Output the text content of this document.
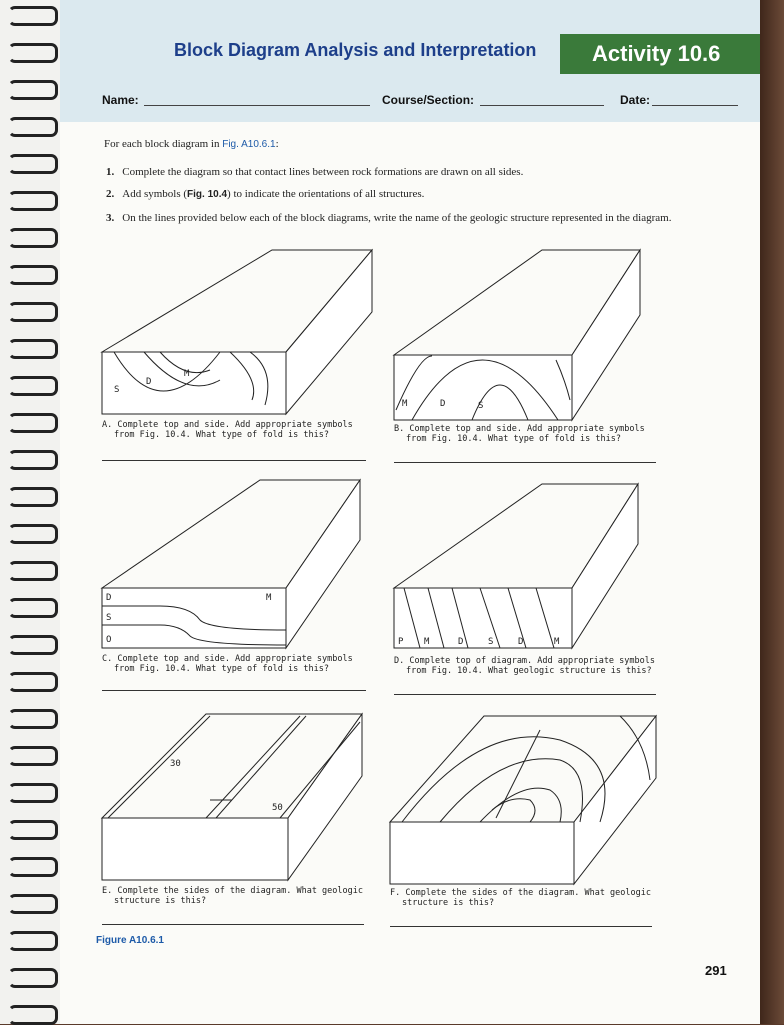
Block Diagram Analysis and Interpretation	Activity 10.6
Name:	Course/Section:	Date:
For each block diagram in Fig. A10.6.1:
1. Complete the diagram so that contact lines between rock formations are drawn on all sides.
2. Add symbols (Fig. 10.4) to indicate the orientations of all structures.
3. On the lines provided below each of the block diagrams, write the name of the geologic structure represented in the diagram.
S
D
M
M	D	S
D	M
S
O	P M	D	S	D	M
30
50
A. Complete top and side. Add appropriate symbols
from Fig. 10.4. What type of fold is this?
B. Complete top and side. Add appropriate symbols
from Fig. 10.4. What type of fold is this?
C. Complete top and side. Add appropriate symbols
from Fig. 10.4. What type of fold is this?
D. Complete top of diagram. Add appropriate symbols
from Fig. 10.4. What geologic structure is this?
E. Complete the sides of the diagram. What geologic
structure is this?
F. Complete the sides of the diagram. What geologic
structure is this?
Figure A10.6.1
291
